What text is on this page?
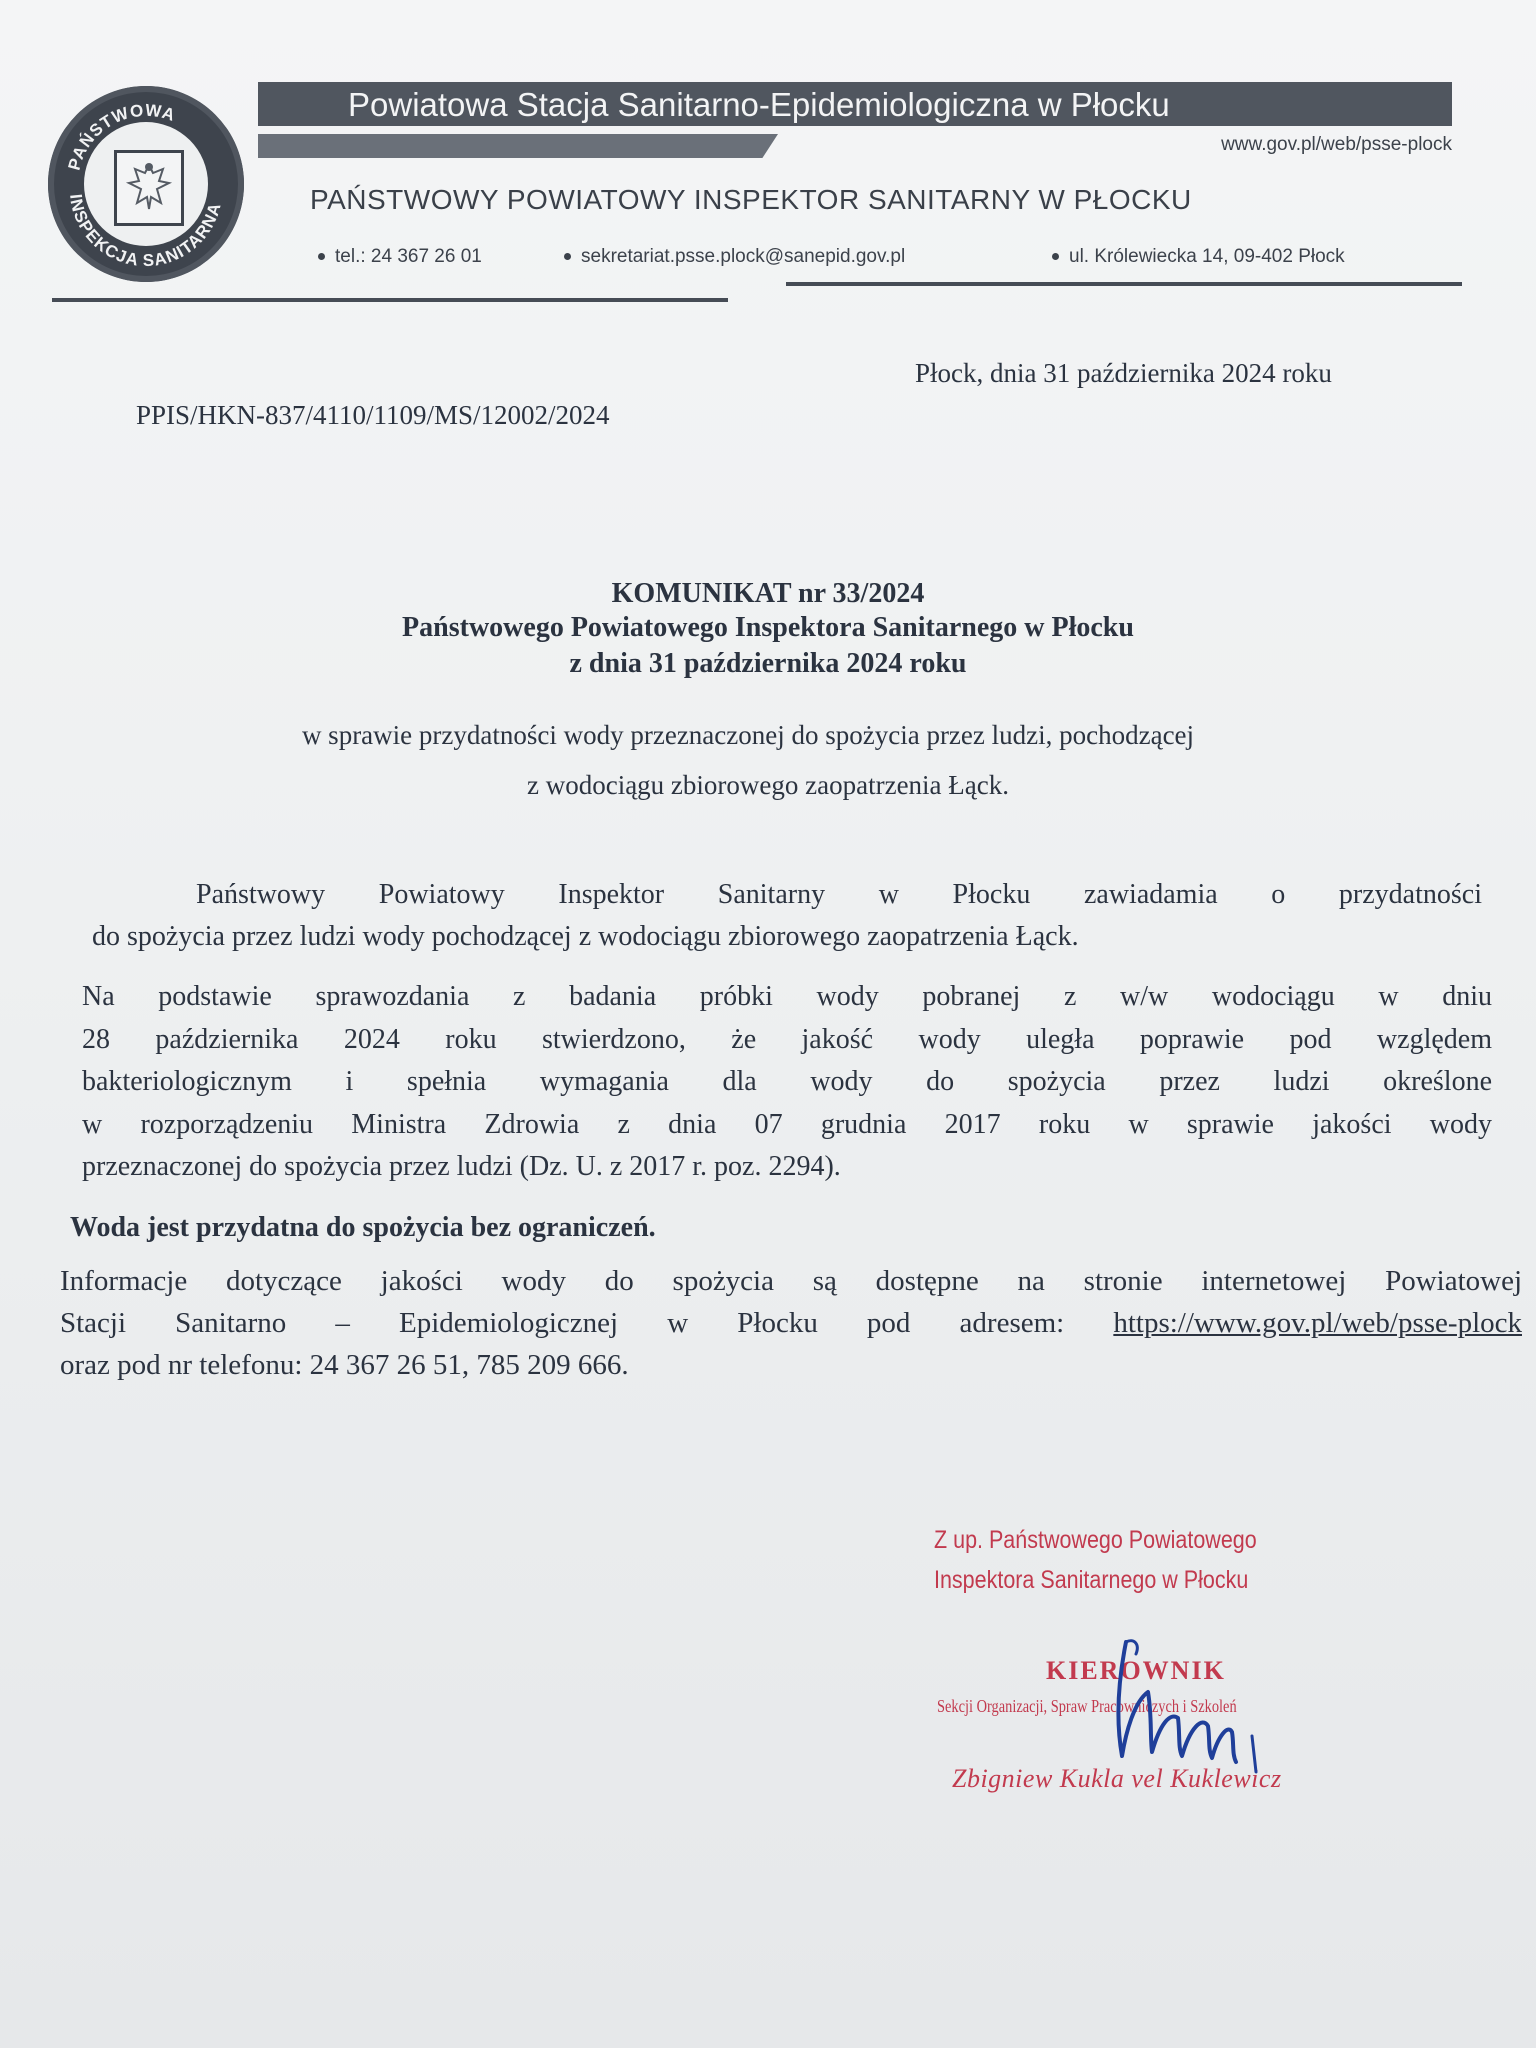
PAŃSTWOWA
INSPEKCJA SANITARNA
Powiatowa Stacja Sanitarno-Epidemiologiczna w Płocku
www.gov.pl/web/psse-plock
PAŃSTWOWY POWIATOWY INSPEKTOR SANITARNY W PŁOCKU
tel.: 24 367 26 01	sekretariat.psse.plock@sanepid.gov.pl	ul. Królewiecka 14, 09-402 Płock
Płock, dnia 31 października 2024 roku
PPIS/HKN-837/4110/1109/MS/12002/2024
KOMUNIKAT nr 33/2024
Państwowego Powiatowego Inspektora Sanitarnego w Płocku
z dnia 31 października 2024 roku
w sprawie przydatności wody przeznaczonej do spożycia przez ludzi, pochodzącej
z wodociągu zbiorowego zaopatrzenia Łąck.
Państwowy Powiatowy Inspektor Sanitarny w Płocku zawiadamia o przydatności
do spożycia przez ludzi wody pochodzącej z wodociągu zbiorowego zaopatrzenia Łąck.
Na podstawie sprawozdania z badania próbki wody pobranej z w/w wodociągu w dniu
28 października 2024 roku stwierdzono, że jakość wody uległa poprawie pod względem
bakteriologicznym i spełnia wymagania dla wody do spożycia przez ludzi określone
w rozporządzeniu Ministra Zdrowia z dnia 07 grudnia 2017 roku w sprawie jakości wody
przeznaczonej do spożycia przez ludzi (Dz. U. z 2017 r. poz. 2294).
Woda jest przydatna do spożycia bez ograniczeń.
Informacje dotyczące jakości wody do spożycia są dostępne na stronie internetowej Powiatowej
Stacji Sanitarno – Epidemiologicznej w Płocku pod adresem: https://www.gov.pl/web/psse-plock
oraz pod nr telefonu: 24 367 26 51, 785 209 666.
Z up. Państwowego Powiatowego
Inspektora Sanitarnego w Płocku
KIEROWNIK
Sekcji Organizacji, Spraw Pracowniczych i Szkoleń
Zbigniew Kukla vel Kuklewicz
